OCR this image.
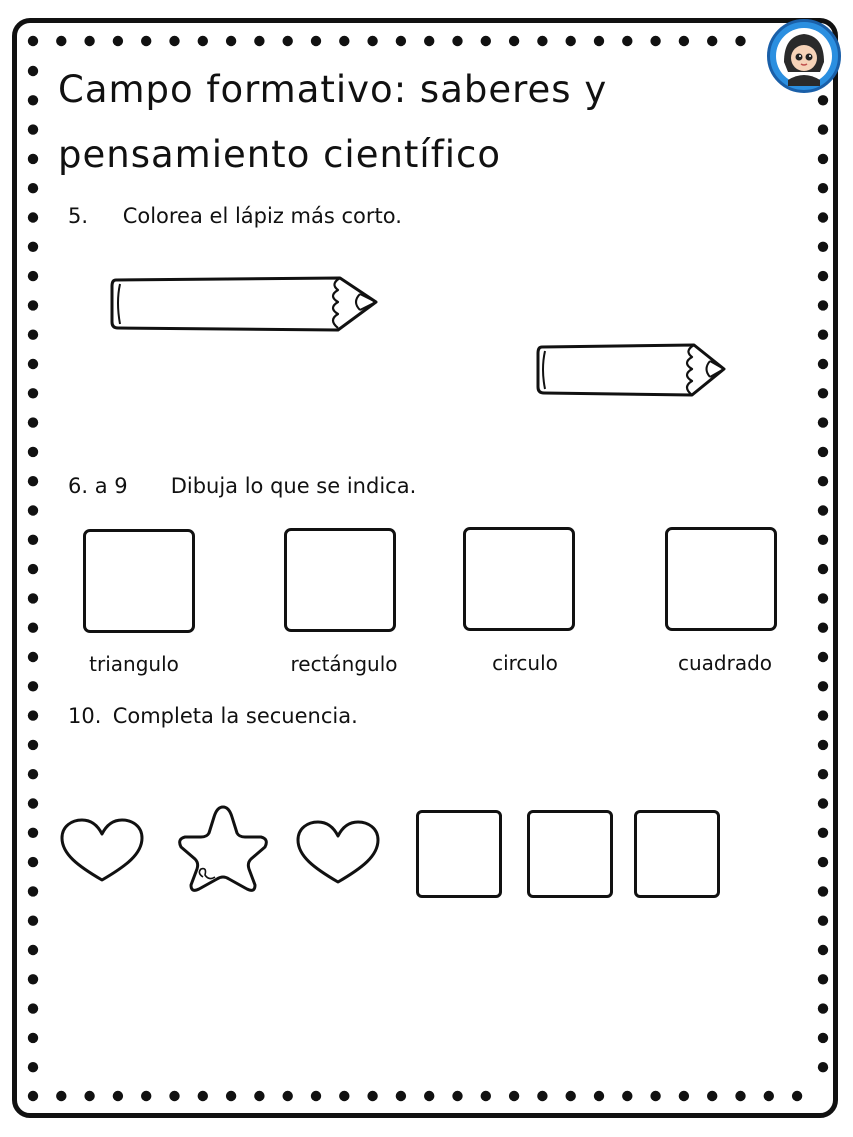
Campo formativo: saberes y
pensamiento científico
5. Colorea el lápiz más corto.
6. a 9 Dibuja lo que se indica.
triangulo	rectángulo	circulo	cuadrado
10. Completa la secuencia.
